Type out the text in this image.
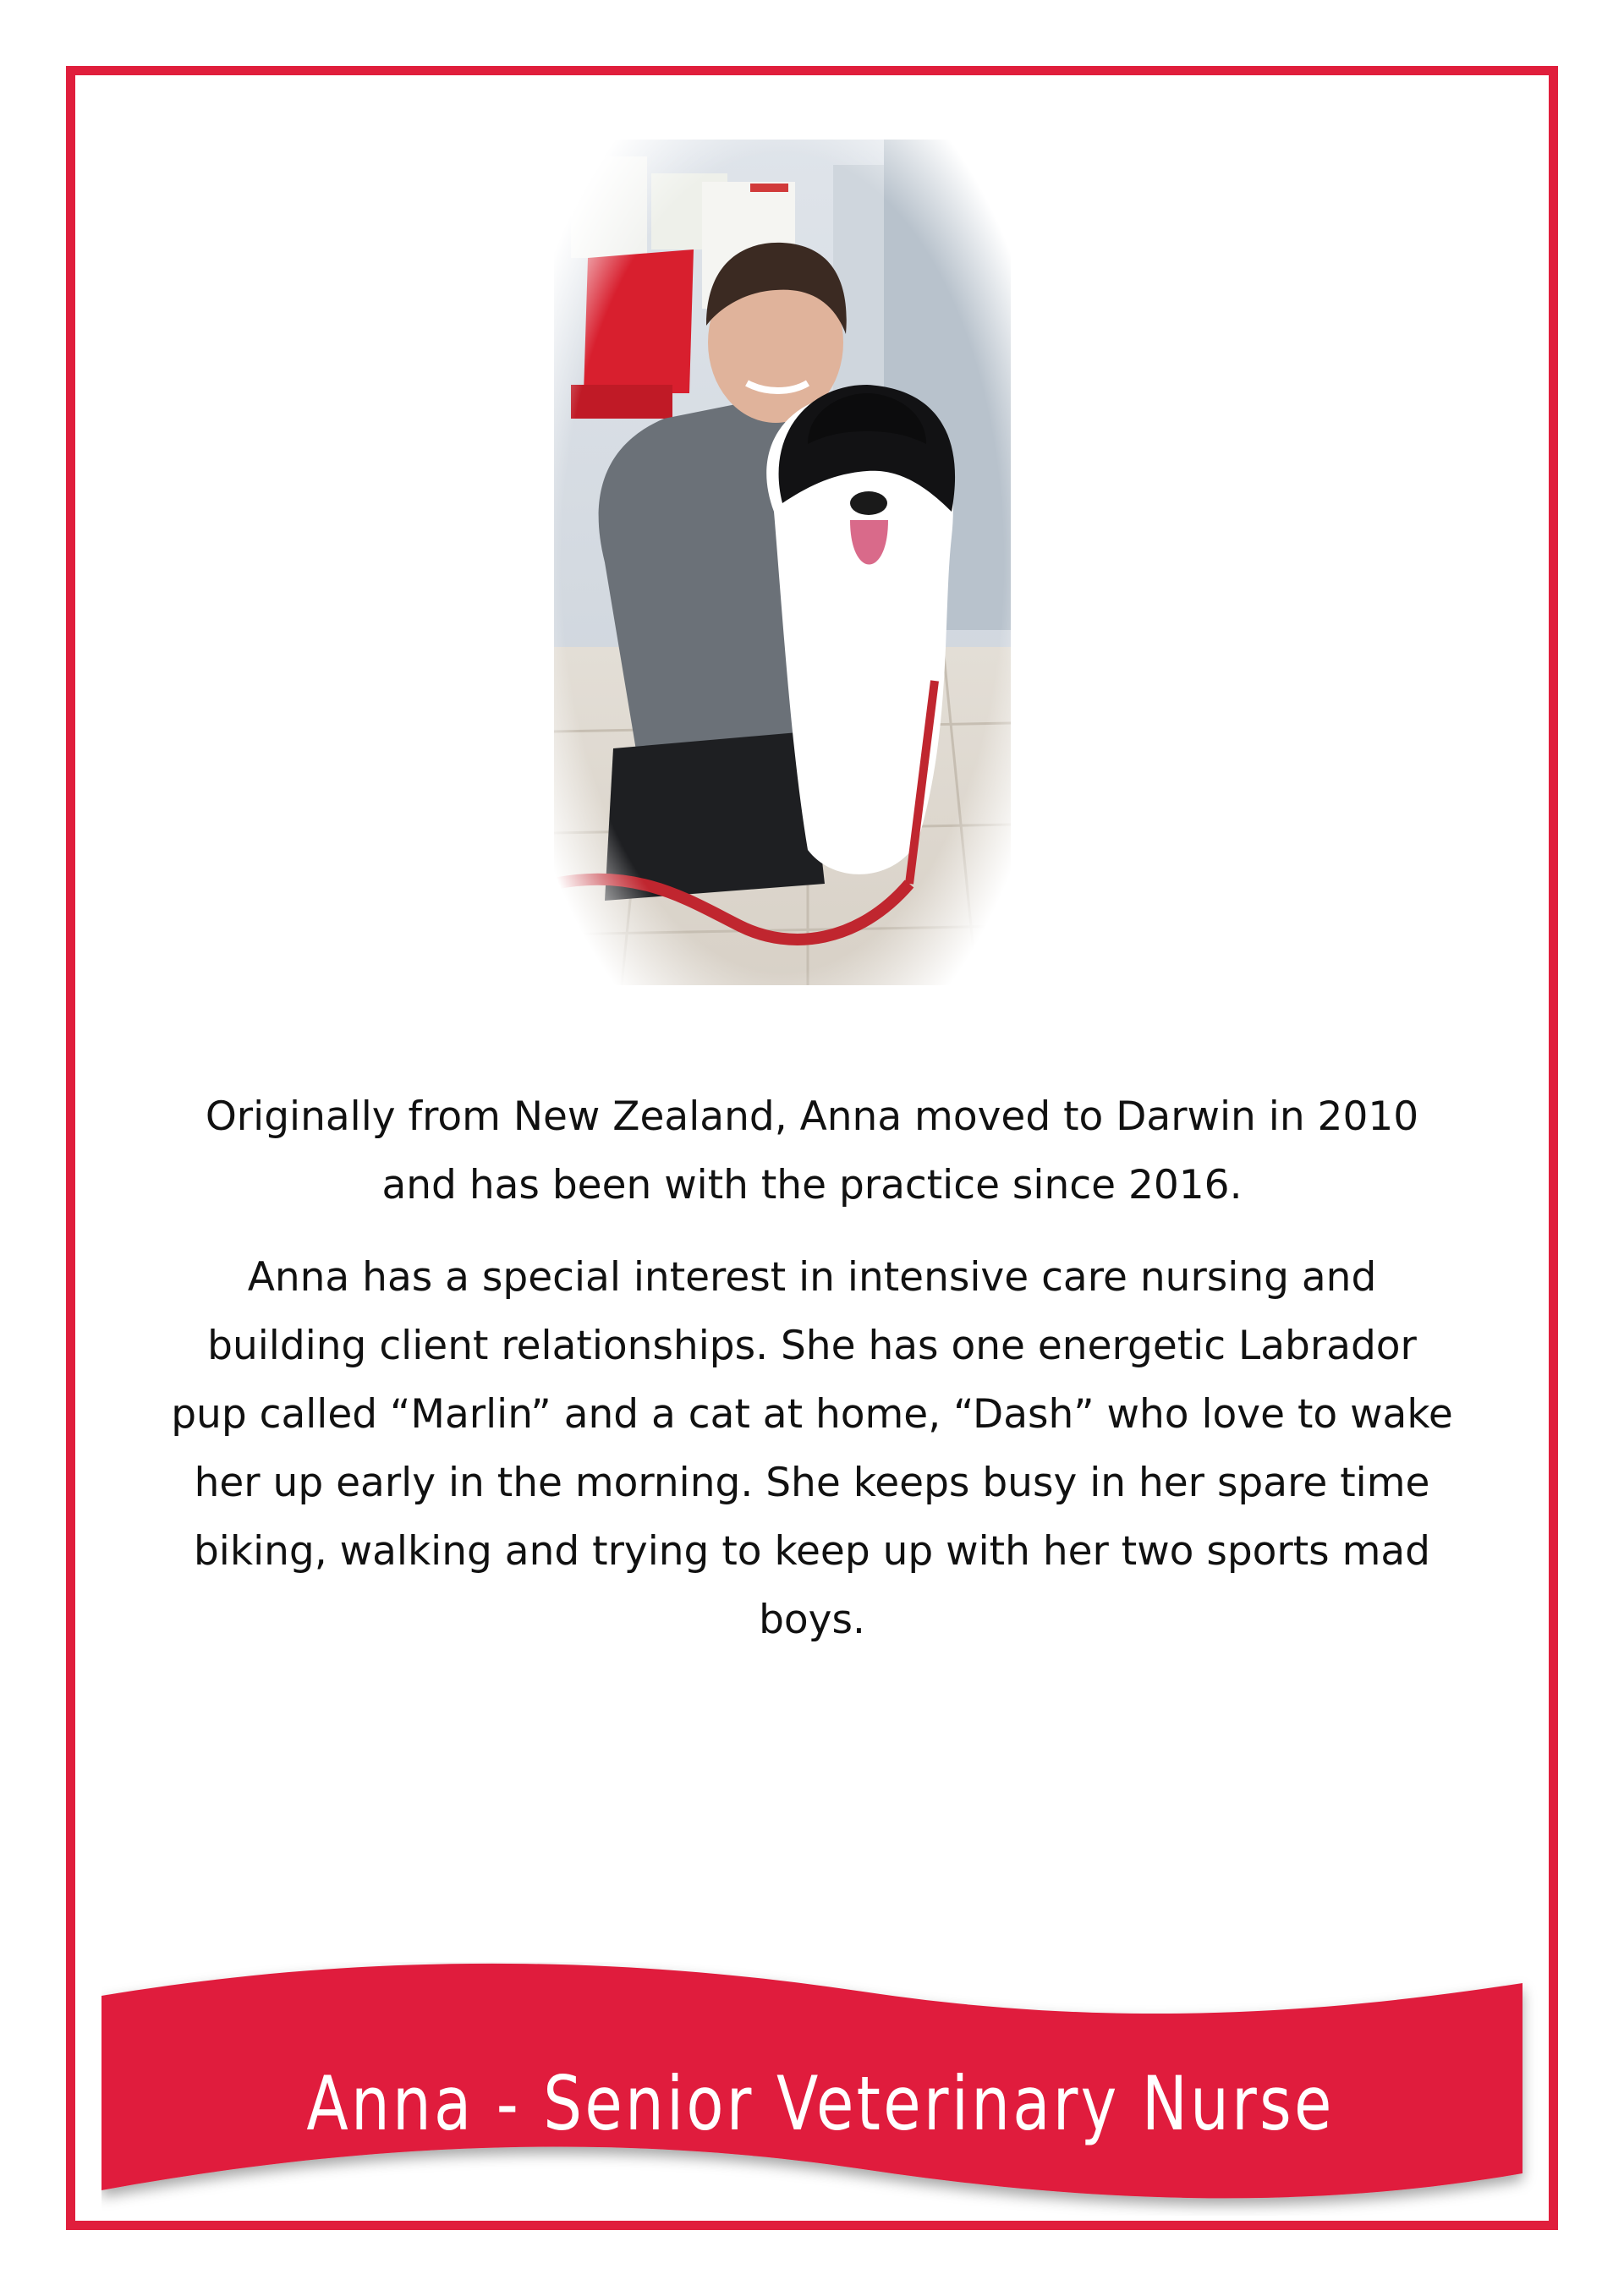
Originally from New Zealand, Anna moved to Darwin in 2010 and has been with the practice since 2016.

Anna has a special interest in intensive care nursing and building client relationships. She has one energetic Labrador pup called “Marlin” and a cat at home, “Dash” who love to wake her up early in the morning. She keeps busy in her spare time biking, walking and trying to keep up with her two sports mad boys.

Anna - Senior Veterinary Nurse
